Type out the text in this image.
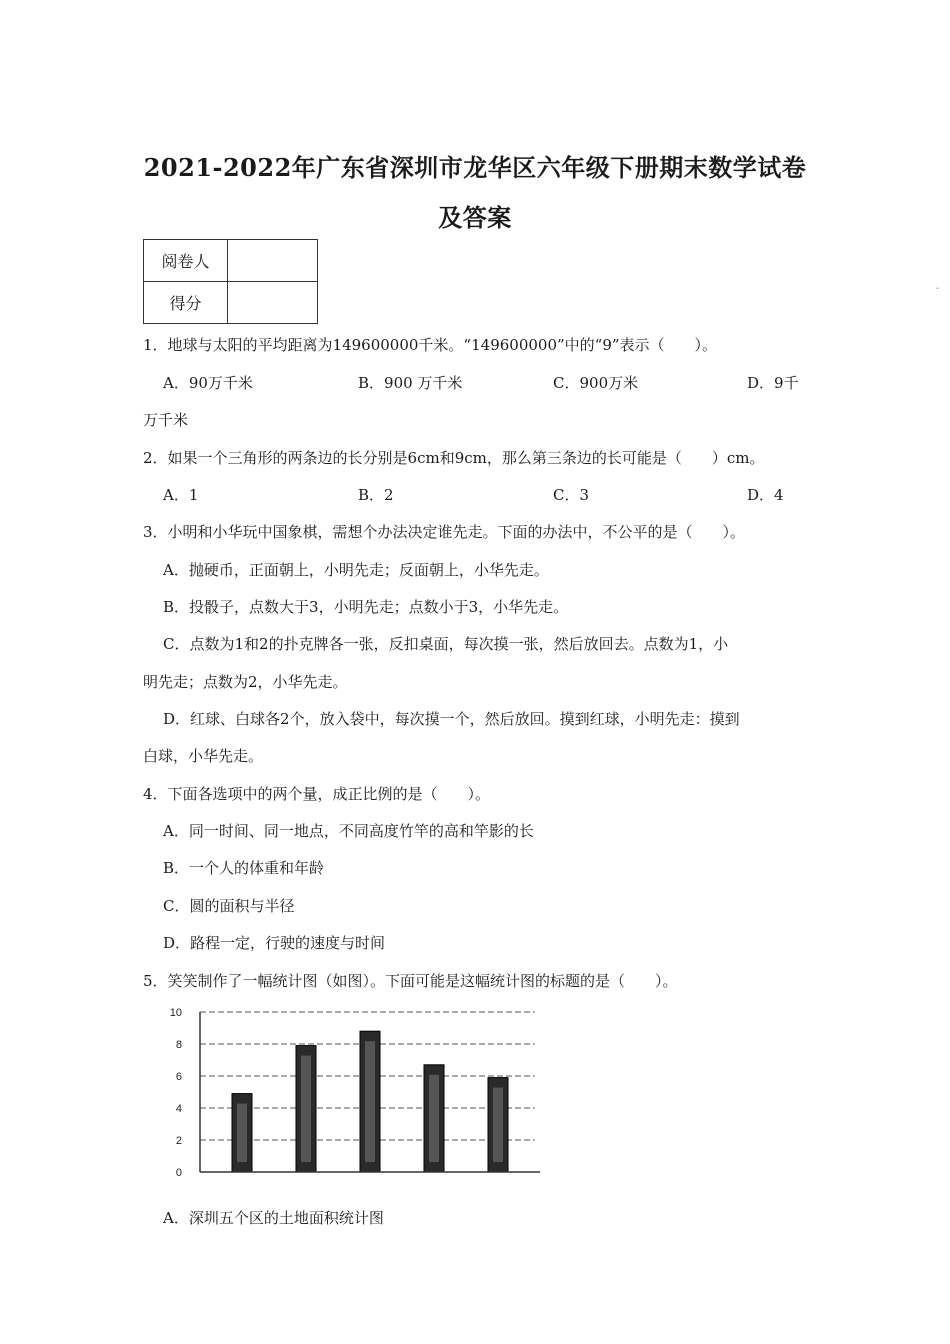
2021-2022年广东省深圳市龙华区六年级下册期末数学试卷
及答案
阅卷人	
得分	
-
1．地球与太阳的平均距离为149600000千米。“149600000”中的“9”表示（　　）。
A．90万千米	B．900 万千米	C．900万米	D．9千
万千米
2．如果一个三角形的两条边的长分别是6cm和9cm，那么第三条边的长可能是（　　）cm。
A．1	B．2	C．3	D．4
3．小明和小华玩中国象棋，需想个办法决定谁先走。下面的办法中，不公平的是（　　）。
A．抛硬币，正面朝上，小明先走；反面朝上，小华先走。
B．投骰子，点数大于3，小明先走；点数小于3，小华先走。
C．点数为1和2的扑克牌各一张，反扣桌面，每次摸一张，然后放回去。点数为1，小
明先走；点数为2，小华先走。
D．红球、白球各2个，放入袋中，每次摸一个，然后放回。摸到红球，小明先走：摸到
白球，小华先走。
4．下面各选项中的两个量，成正比例的是（　　）。
A．同一时间、同一地点，不同高度竹竿的高和竿影的长
B．一个人的体重和年龄
C．圆的面积与半径
D．路程一定，行驶的速度与时间
5．笑笑制作了一幅统计图（如图）。下面可能是这幅统计图的标题的是（　　）。
0
2
4
6
8
10
A．深圳五个区的土地面积统计图
